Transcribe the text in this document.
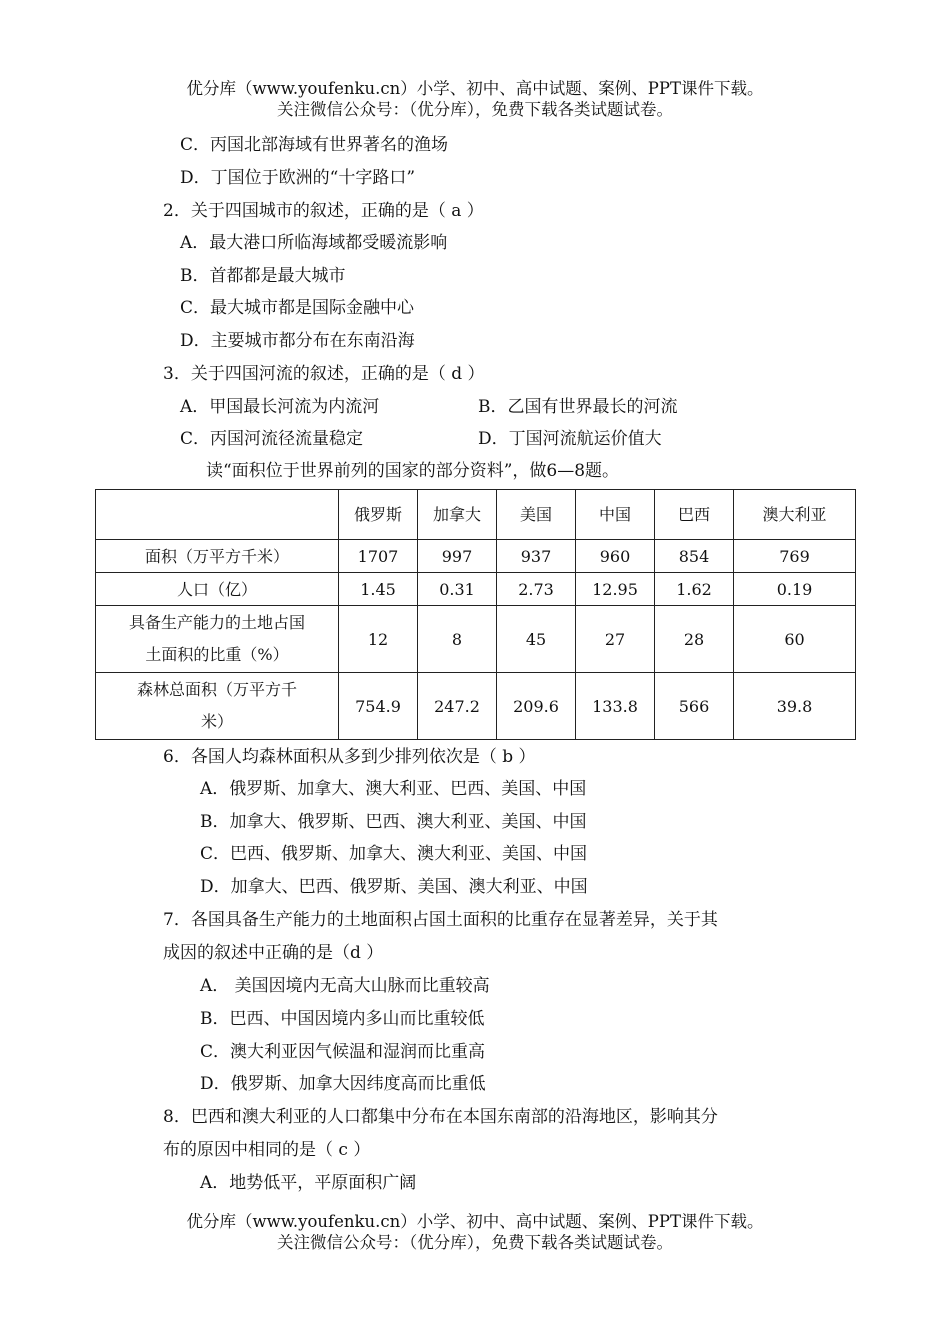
优分库（www.youfenku.cn）小学、初中、高中试题、案例、PPT课件下载。
关注微信公众号：（优分库），免费下载各类试题试卷。
C．丙国北部海域有世界著名的渔场
D．丁国位于欧洲的“十字路口”
2．关于四国城市的叙述，正确的是（ a ）
A．最大港口所临海域都受暖流影响
B．首都都是最大城市
C．最大城市都是国际金融中心
D．主要城市都分布在东南沿海
3．关于四国河流的叙述，正确的是（ d ）
A．甲国最长河流为内流河	B．乙国有世界最长的河流
C．丙国河流径流量稳定	D．丁国河流航运价值大
读“面积位于世界前列的国家的部分资料”，做6—8题。
	俄罗斯	加拿大	美国	中国	巴西	澳大利亚
面积（万平方千米）	1707	997	937	960	854	769
人口（亿）	1.45	0.31	2.73	12.95	1.62	0.19

具备生产能力的土地占国
土面积的比重（%）	12	8	45	27	28	60

森林总面积（万平方千
米）	754.9	247.2	209.6	133.8	566	39.8
6．各国人均森林面积从多到少排列依次是（ b ）
A．俄罗斯、加拿大、澳大利亚、巴西、美国、中国
B．加拿大、俄罗斯、巴西、澳大利亚、美国、中国
C．巴西、俄罗斯、加拿大、澳大利亚、美国、中国
D．加拿大、巴西、俄罗斯、美国、澳大利亚、中国
7．各国具备生产能力的土地面积占国土面积的比重存在显著差异，关于其
成因的叙述中正确的是（d ）
A． 美国因境内无高大山脉而比重较高
B．巴西、中国因境内多山而比重较低
C．澳大利亚因气候温和湿润而比重高
D．俄罗斯、加拿大因纬度高而比重低
8．巴西和澳大利亚的人口都集中分布在本国东南部的沿海地区，影响其分
布的原因中相同的是（ c ）
A．地势低平，平原面积广阔
优分库（www.youfenku.cn）小学、初中、高中试题、案例、PPT课件下载。
关注微信公众号：（优分库），免费下载各类试题试卷。
